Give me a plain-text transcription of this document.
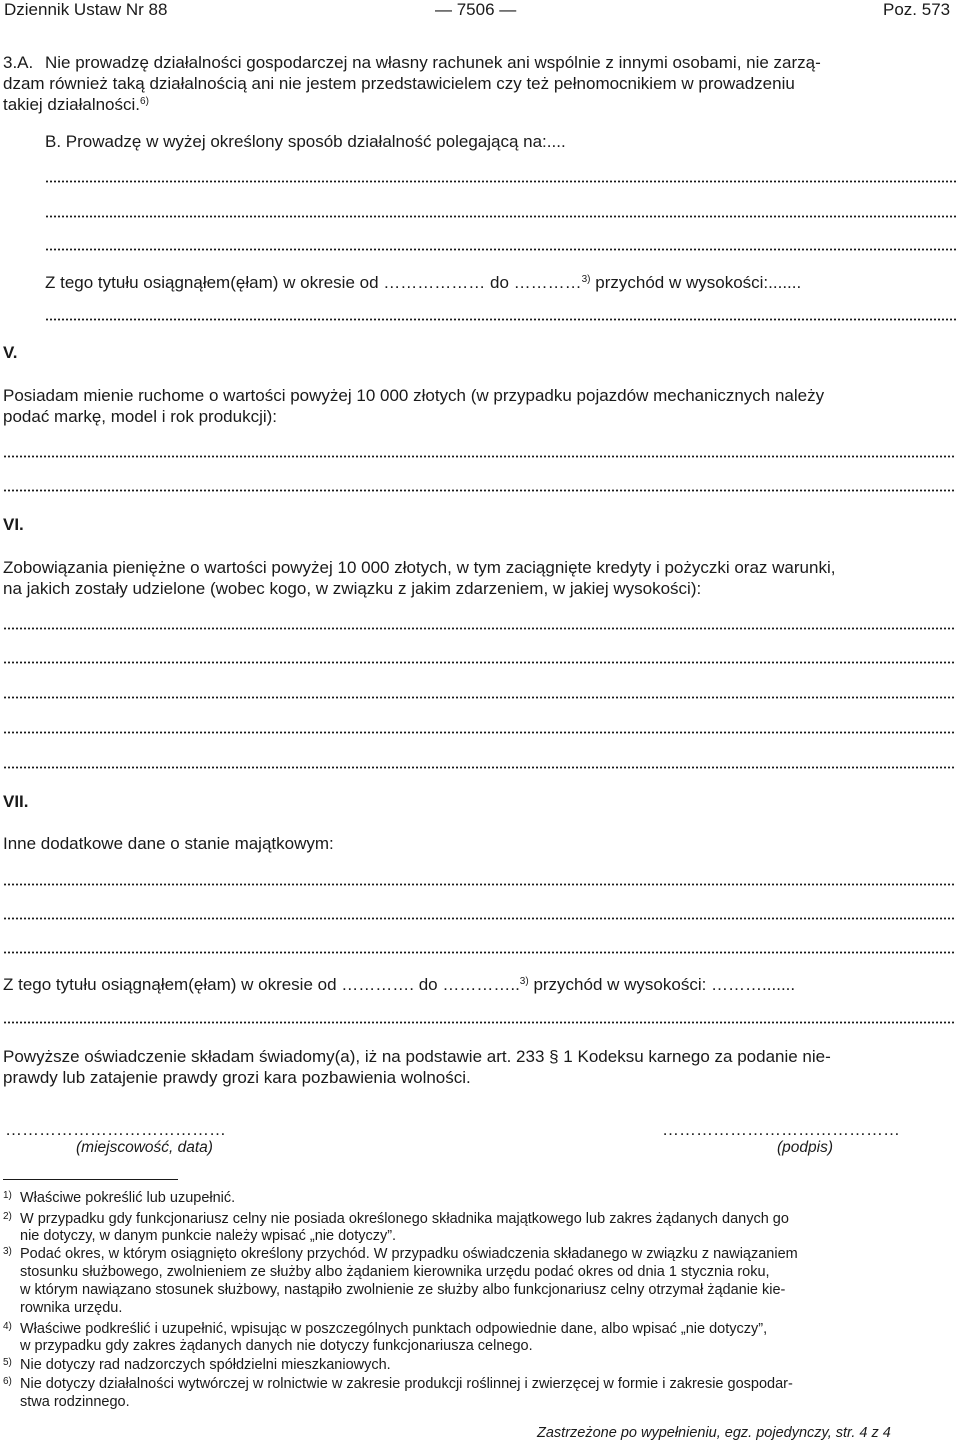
Dziennik Ustaw Nr 88	— 7506 —	Poz. 573
3.A. Nie prowadzę działalności gospodarczej na własny rachunek ani wspólnie z innymi osobami, nie zarzą-
dzam również taką działalnością ani nie jestem przedstawicielem czy też pełnomocnikiem w prowadzeniu
takiej działalności.$^{6)}$
B. Prowadzę w wyżej określony sposób działalność polegającą na:....
Z tego tytułu osiągnąłem(ęłam) w okresie od ……………… do …………$^{3)}$ przychód w wysokości:.......
V.
Posiadam mienie ruchome o wartości powyżej 10 000 złotych (w przypadku pojazdów mechanicznych należy
podać markę, model i rok produkcji):
VI.
Zobowiązania pieniężne o wartości powyżej 10 000 złotych, w tym zaciągnięte kredyty i pożyczki oraz warunki,
na jakich zostały udzielone (wobec kogo, w związku z jakim zdarzeniem, w jakiej wysokości):
VII.
Inne dodatkowe dane o stanie majątkowym:
Z tego tytułu osiągnąłem(ęłam) w okresie od …………. do …………..$^{3)}$ przychód w wysokości: ……….......
Powyższe oświadczenie składam świadomy(a), iż na podstawie art. 233 § 1 Kodeksu karnego za podanie nie-
prawdy lub zatajenie prawdy grozi kara pozbawienia wolności.
…………………………………
(miejscowość, data)
……………………………………
(podpis)
$^{1)}$ Właściwe pokreślić lub uzupełnić.
$^{2)}$ W przypadku gdy funkcjonariusz celny nie posiada określonego składnika majątkowego lub zakres żądanych danych go
nie dotyczy, w danym punkcie należy wpisać „nie dotyczy”.
$^{3)}$ Podać okres, w którym osiągnięto określony przychód. W przypadku oświadczenia składanego w związku z nawiązaniem
stosunku służbowego, zwolnieniem ze służby albo żądaniem kierownika urzędu podać okres od dnia 1 stycznia roku,
w którym nawiązano stosunek służbowy, nastąpiło zwolnienie ze służby albo funkcjonariusz celny otrzymał żądanie kie-
rownika urzędu.
$^{4)}$ Właściwe podkreślić i uzupełnić, wpisując w poszczególnych punktach odpowiednie dane, albo wpisać „nie dotyczy”,
w przypadku gdy zakres żądanych danych nie dotyczy funkcjonariusza celnego.
$^{5)}$ Nie dotyczy rad nadzorczych spółdzielni mieszkaniowych.
$^{6)}$ Nie dotyczy działalności wytwórczej w rolnictwie w zakresie produkcji roślinnej i zwierzęcej w formie i zakresie gospodar-
stwa rodzinnego.
Zastrzeżone po wypełnieniu, egz. pojedynczy, str. 4 z 4
